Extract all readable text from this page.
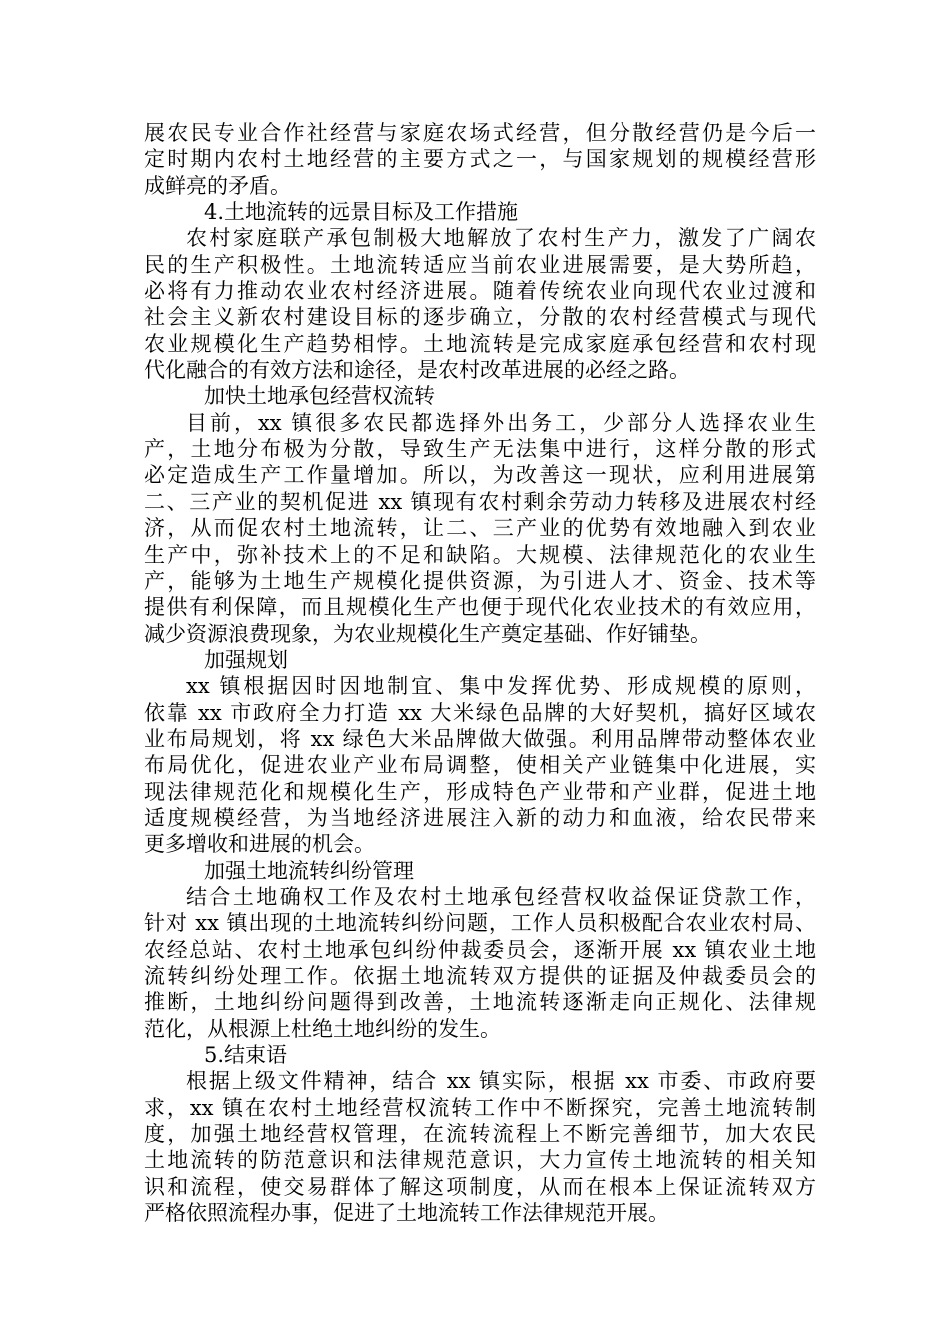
展农民专业合作社经营与家庭农场式经营，但分散经营仍是今后一
定时期内农村土地经营的主要方式之一，与国家规划的规模经营形
成鲜亮的矛盾。
4.土地流转的远景目标及工作措施
农村家庭联产承包制极大地解放了农村生产力，激发了广阔农
民的生产积极性。土地流转适应当前农业进展需要，是大势所趋，
必将有力推动农业农村经济进展。随着传统农业向现代农业过渡和
社会主义新农村建设目标的逐步确立，分散的农村经营模式与现代
农业规模化生产趋势相悖。土地流转是完成家庭承包经营和农村现
代化融合的有效方法和途径，是农村改革进展的必经之路。
加快土地承包经营权流转
目前，xx 镇很多农民都选择外出务工，少部分人选择农业生
产，土地分布极为分散，导致生产无法集中进行，这样分散的形式
必定造成生产工作量增加。所以，为改善这一现状，应利用进展第
二、三产业的契机促进 xx 镇现有农村剩余劳动力转移及进展农村经
济，从而促农村土地流转，让二、三产业的优势有效地融入到农业
生产中，弥补技术上的不足和缺陷。大规模、法律规范化的农业生
产，能够为土地生产规模化提供资源，为引进人才、资金、技术等
提供有利保障，而且规模化生产也便于现代化农业技术的有效应用，
减少资源浪费现象，为农业规模化生产奠定基础、作好铺垫。
加强规划
xx 镇根据因时因地制宜、集中发挥优势、形成规模的原则，
依靠 xx 市政府全力打造 xx 大米绿色品牌的大好契机，搞好区域农
业布局规划，将 xx 绿色大米品牌做大做强。利用品牌带动整体农业
布局优化，促进农业产业布局调整，使相关产业链集中化进展，实
现法律规范化和规模化生产，形成特色产业带和产业群，促进土地
适度规模经营，为当地经济进展注入新的动力和血液，给农民带来
更多增收和进展的机会。
加强土地流转纠纷管理
结合土地确权工作及农村土地承包经营权收益保证贷款工作，
针对 xx 镇出现的土地流转纠纷问题，工作人员积极配合农业农村局、
农经总站、农村土地承包纠纷仲裁委员会，逐渐开展 xx 镇农业土地
流转纠纷处理工作。依据土地流转双方提供的证据及仲裁委员会的
推断，土地纠纷问题得到改善，土地流转逐渐走向正规化、法律规
范化，从根源上杜绝土地纠纷的发生。
5.结束语
根据上级文件精神，结合 xx 镇实际，根据 xx 市委、市政府要
求，xx 镇在农村土地经营权流转工作中不断探究，完善土地流转制
度，加强土地经营权管理，在流转流程上不断完善细节，加大农民
土地流转的防范意识和法律规范意识，大力宣传土地流转的相关知
识和流程，使交易群体了解这项制度，从而在根本上保证流转双方
严格依照流程办事，促进了土地流转工作法律规范开展。
